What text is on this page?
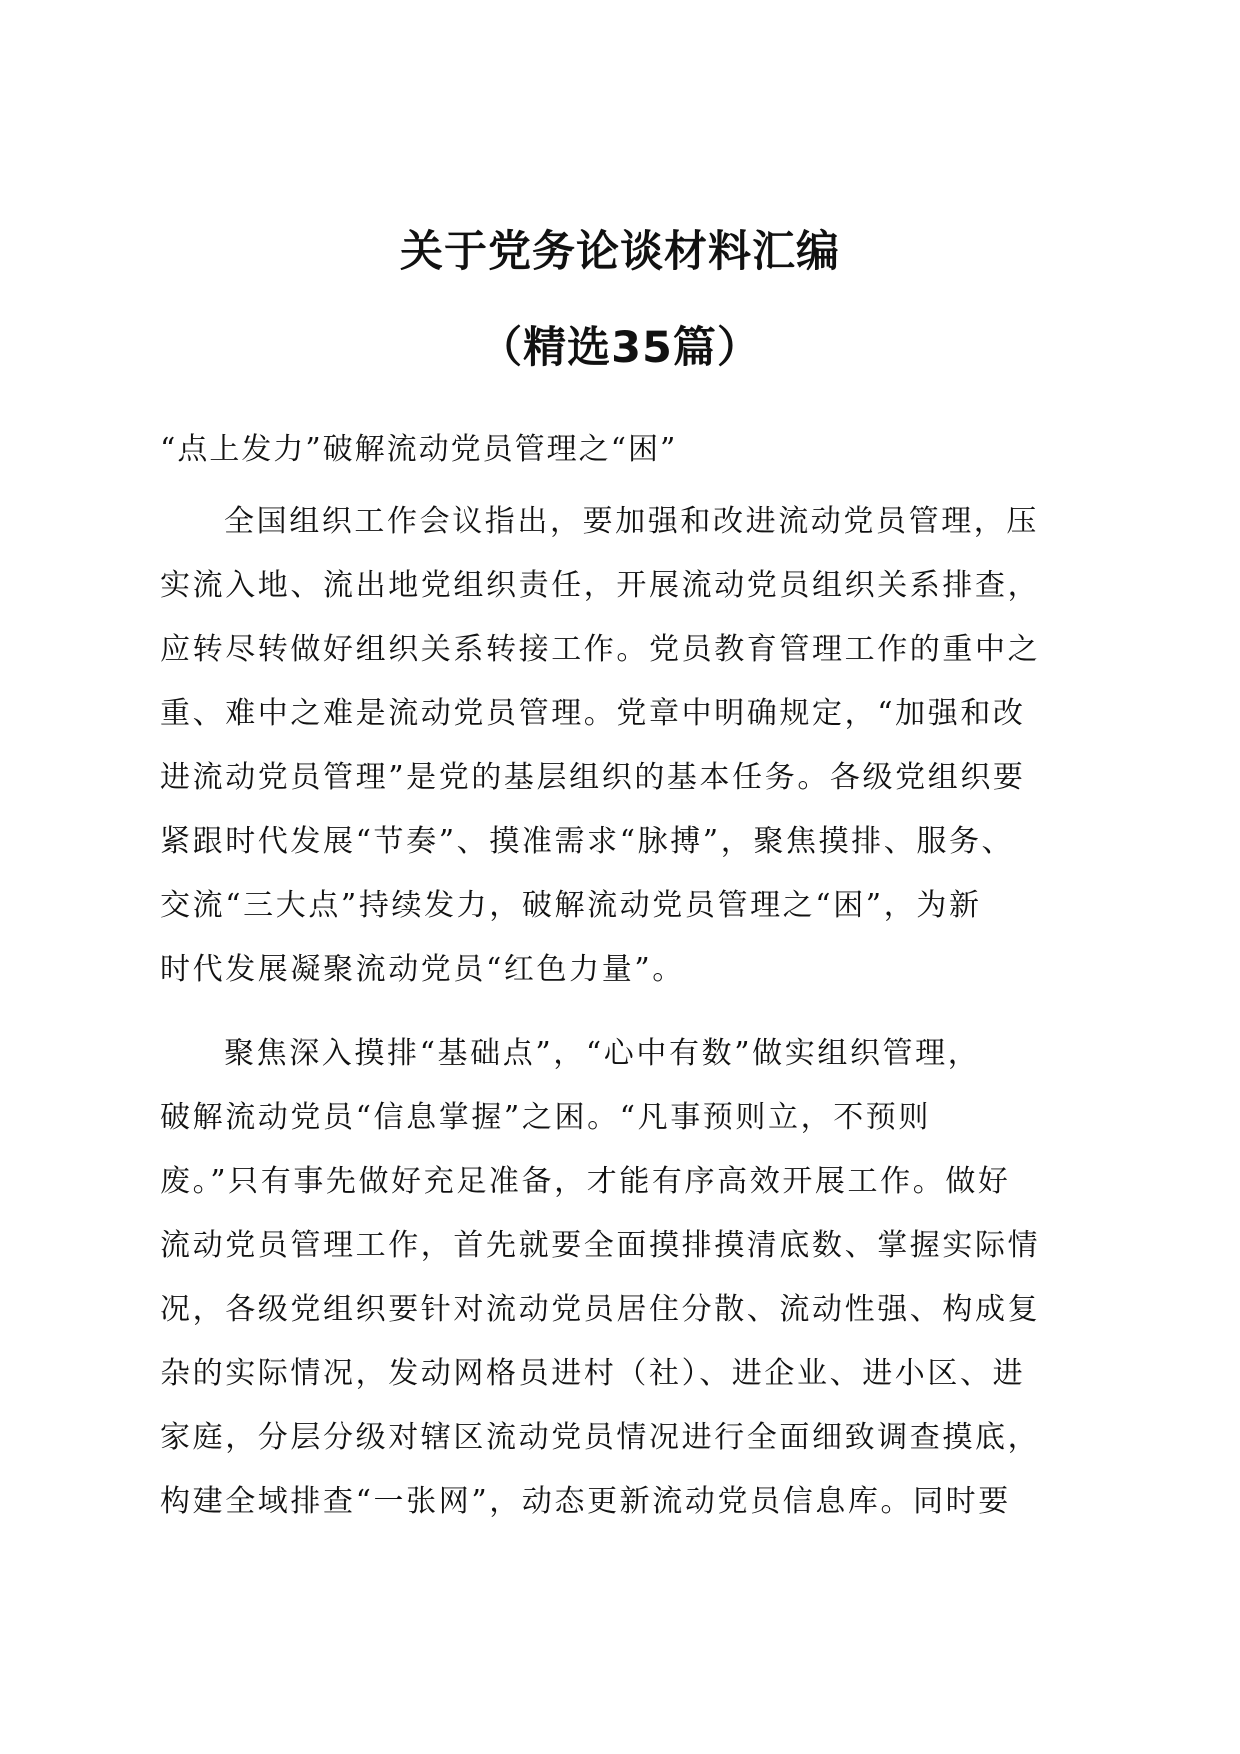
关于党务论谈材料汇编
（精选35篇）

“点上发力”破解流动党员管理之“困”

全国组织工作会议指出，要加强和改进流动党员管理，压
实流入地、流出地党组织责任，开展流动党员组织关系排查，
应转尽转做好组织关系转接工作。党员教育管理工作的重中之
重、难中之难是流动党员管理。党章中明确规定，“加强和改
进流动党员管理”是党的基层组织的基本任务。各级党组织要
紧跟时代发展“节奏”、摸准需求“脉搏”，聚焦摸排、服务、
交流“三大点”持续发力，破解流动党员管理之“困”，为新
时代发展凝聚流动党员“红色力量”。
聚焦深入摸排“基础点”，“心中有数”做实组织管理，
破解流动党员“信息掌握”之困。“凡事预则立，不预则
废。”只有事先做好充足准备，才能有序高效开展工作。做好
流动党员管理工作，首先就要全面摸排摸清底数、掌握实际情
况，各级党组织要针对流动党员居住分散、流动性强、构成复
杂的实际情况，发动网格员进村（社）、进企业、进小区、进
家庭，分层分级对辖区流动党员情况进行全面细致调查摸底，
构建全域排查“一张网”，动态更新流动党员信息库。同时要
